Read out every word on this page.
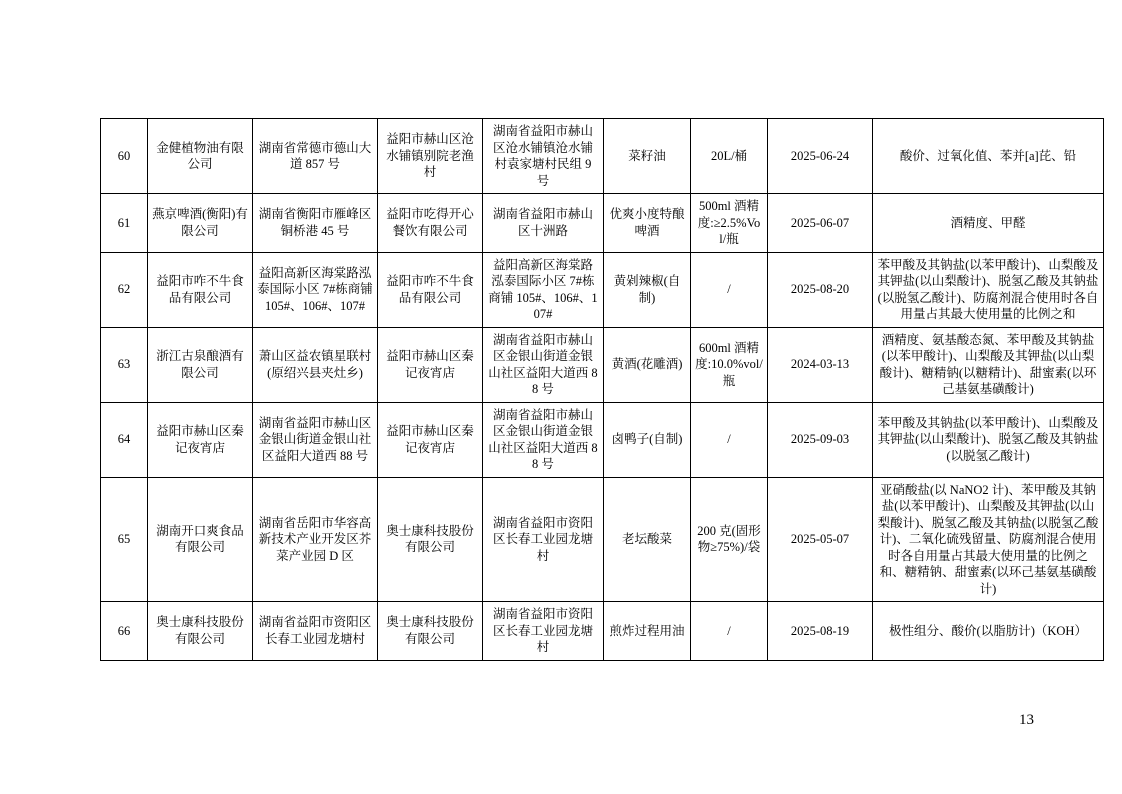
60	金健植物油有限公司	湖南省常德市德山大道 857 号	益阳市赫山区沧水铺镇别院老渔村	湖南省益阳市赫山区沧水铺镇沧水铺村袁家塘村民组 9 号	菜籽油	20L/桶	2025-06-24	酸价、过氧化值、苯并[a]芘、铅
61	燕京啤酒(衡阳)有限公司	湖南省衡阳市雁峰区铜桥港 45 号	益阳市吃得开心餐饮有限公司	湖南省益阳市赫山区十洲路	优爽小度特酿啤酒	500ml 酒精度:≥2.5%Vol/瓶	2025-06-07	酒精度、甲醛
62	益阳市咋不牛食品有限公司	益阳高新区海棠路泓泰国际小区 7#栋商铺 105#、106#、107#	益阳市咋不牛食品有限公司	益阳高新区海棠路泓泰国际小区 7#栋商铺 105#、106#、107#	黄剁辣椒(自制)	/	2025-08-20	苯甲酸及其钠盐(以苯甲酸计)、山梨酸及其钾盐(以山梨酸计)、脱氢乙酸及其钠盐(以脱氢乙酸计)、防腐剂混合使用时各自用量占其最大使用量的比例之和
63	浙江古泉酿酒有限公司	萧山区益农镇星联村(原绍兴县夹灶乡)	益阳市赫山区秦记夜宵店	湖南省益阳市赫山区金银山街道金银山社区益阳大道西 88 号	黄酒(花雕酒)	600ml 酒精度:10.0%vol/瓶	2024-03-13	酒精度、氨基酸态氮、苯甲酸及其钠盐(以苯甲酸计)、山梨酸及其钾盐(以山梨酸计)、糖精钠(以糖精计)、甜蜜素(以环己基氨基磺酸计)
64	益阳市赫山区秦记夜宵店	湖南省益阳市赫山区金银山街道金银山社区益阳大道西 88 号	益阳市赫山区秦记夜宵店	湖南省益阳市赫山区金银山街道金银山社区益阳大道西 88 号	卤鸭子(自制)	/	2025-09-03	苯甲酸及其钠盐(以苯甲酸计)、山梨酸及其钾盐(以山梨酸计)、脱氢乙酸及其钠盐(以脱氢乙酸计)
65	湖南开口爽食品有限公司	湖南省岳阳市华容高新技术产业开发区芥菜产业园 D 区	奥士康科技股份有限公司	湖南省益阳市资阳区长春工业园龙塘村	老坛酸菜	200 克(固形物≥75%)/袋	2025-05-07	亚硝酸盐(以 NaNO2 计)、苯甲酸及其钠盐(以苯甲酸计)、山梨酸及其钾盐(以山梨酸计)、脱氢乙酸及其钠盐(以脱氢乙酸计)、二氧化硫残留量、防腐剂混合使用时各自用量占其最大使用量的比例之和、糖精钠、甜蜜素(以环己基氨基磺酸计)
66	奥士康科技股份有限公司	湖南省益阳市资阳区长春工业园龙塘村	奥士康科技股份有限公司	湖南省益阳市资阳区长春工业园龙塘村	煎炸过程用油	/	2025-08-19	极性组分、酸价(以脂肪计)（KOH）
13
